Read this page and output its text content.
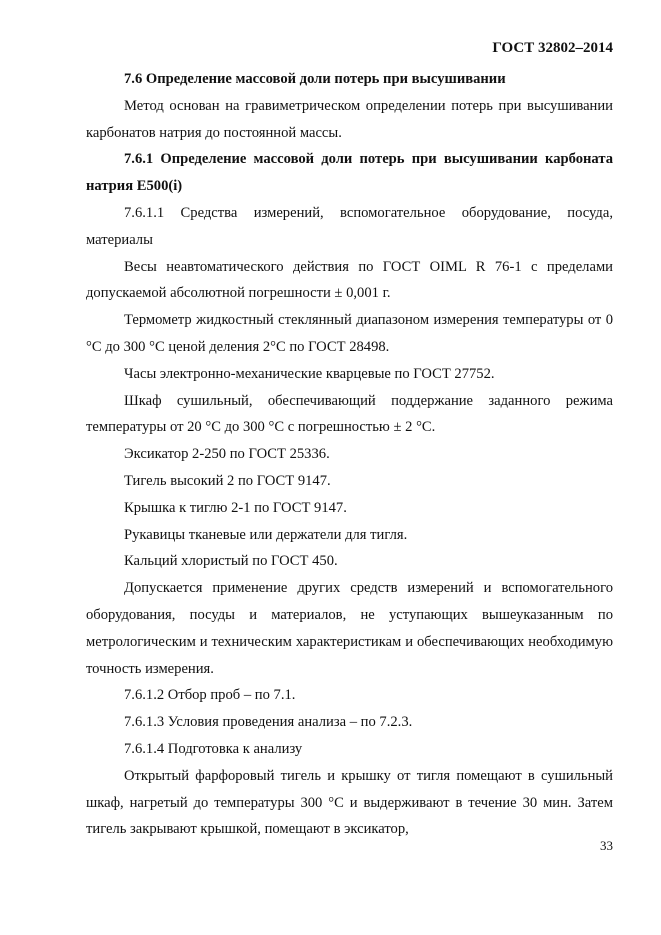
ГОСТ 32802–2014

7.6 Определение массовой доли потерь при высушивании

Метод основан на гравиметрическом определении потерь при высушивании карбонатов натрия до постоянной массы.

7.6.1 Определение массовой доли потерь при высушивании карбоната натрия Е500(i)

7.6.1.1 Средства измерений, вспомогательное оборудование, посуда, материалы

Весы неавтоматического действия по ГОСТ OIML R 76-1 с пределами допускаемой абсолютной погрешности ± 0,001 г.

Термометр жидкостный стеклянный диапазоном измерения температуры от 0 °С до 300 °С ценой деления 2°С по ГОСТ 28498.

Часы электронно-механические кварцевые по ГОСТ 27752.

Шкаф сушильный, обеспечивающий поддержание заданного режима температуры от 20 °С до 300 °С с погрешностью ± 2 °С.

Эксикатор 2-250 по ГОСТ 25336.

Тигель высокий 2 по ГОСТ 9147.

Крышка к тиглю 2-1 по ГОСТ 9147.

Рукавицы тканевые или держатели для тигля.

Кальций хлористый по ГОСТ 450.

Допускается применение других средств измерений и вспомогательного оборудования, посуды и материалов, не уступающих вышеуказанным по метрологическим и техническим характеристикам и обеспечивающих необходимую точность измерения.

7.6.1.2 Отбор проб – по 7.1.

7.6.1.3 Условия проведения анализа – по 7.2.3.

7.6.1.4 Подготовка к анализу

Открытый фарфоровый тигель и крышку от тигля помещают в сушильный шкаф, нагретый до температуры 300 °С и выдерживают в течение 30 мин. Затем тигель закрывают крышкой, помещают в эксикатор,

33
